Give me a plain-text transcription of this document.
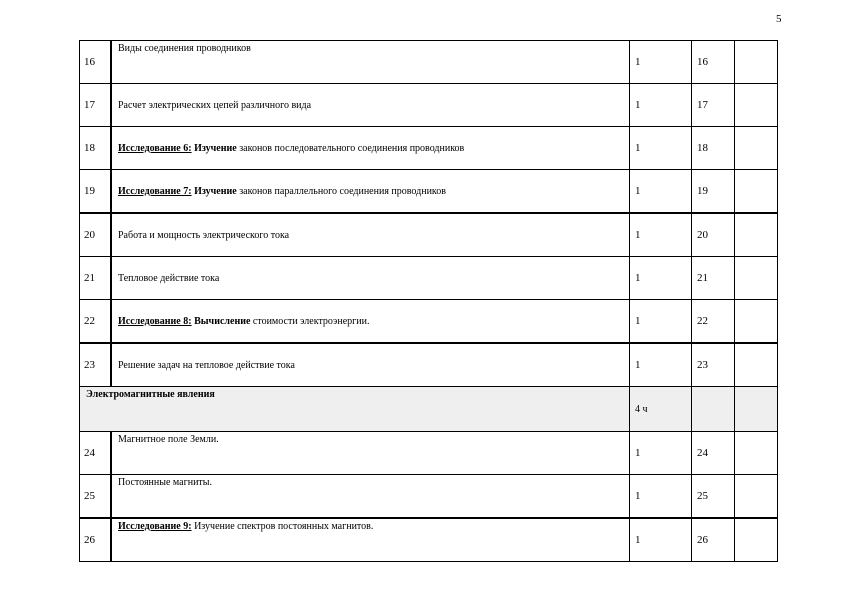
5
16	Виды соединения проводников	1	16	
17	Расчет электрических цепей различного вида	1	17	
18	Исследование 6: Изучение законов последовательного соединения проводников	1	18	
19	Исследование 7: Изучение законов параллельного соединения проводников	1	19	
20	Работа и мощность электрического тока	1	20	
21	Тепловое действие тока	1	21	
22	Исследование 8: Вычисление стоимости электроэнергии.	1	22	
23	Решение задач на тепловое действие тока	1	23	
Электромагнитные явления		4 ч		
24	Магнитное поле Земли.	1	24	
25	Постоянные магниты.	1	25	
26	Исследование 9: Изучение спектров постоянных магнитов.	1	26	
